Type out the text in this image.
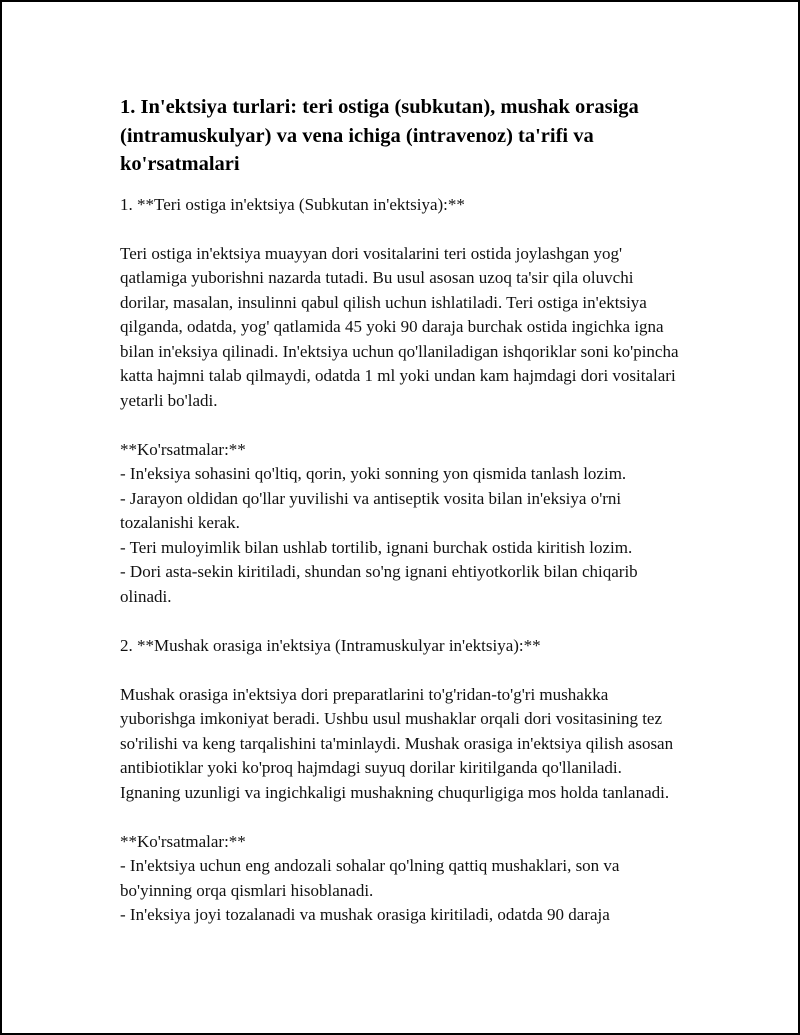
1. In'ektsiya turlari: teri ostiga (subkutan), mushak orasiga (intramuskulyar) va vena ichiga (intravenoz) ta'rifi va ko'rsatmalari

1. **Teri ostiga in'ektsiya (Subkutan in'ektsiya):**

Teri ostiga in'ektsiya muayyan dori vositalarini teri ostida joylashgan yog' qatlamiga yuborishni nazarda tutadi. Bu usul asosan uzoq ta'sir qila oluvchi dorilar, masalan, insulinni qabul qilish uchun ishlatiladi. Teri ostiga in'ektsiya qilganda, odatda, yog' qatlamida 45 yoki 90 daraja burchak ostida ingichka igna bilan in'eksiya qilinadi. In'ektsiya uchun qo'llaniladigan ishqoriklar soni ko'pincha katta hajmni talab qilmaydi, odatda 1 ml yoki undan kam hajmdagi dori vositalari yetarli bo'ladi.

**Ko'rsatmalar:**

- In'eksiya sohasini qo'ltiq, qorin, yoki sonning yon qismida tanlash lozim.

- Jarayon oldidan qo'llar yuvilishi va antiseptik vosita bilan in'eksiya o'rni tozalanishi kerak.

- Teri muloyimlik bilan ushlab tortilib, ignani burchak ostida kiritish lozim.

- Dori asta-sekin kiritiladi, shundan so'ng ignani ehtiyotkorlik bilan chiqarib olinadi.

2. **Mushak orasiga in'ektsiya (Intramuskulyar in'ektsiya):**

Mushak orasiga in'ektsiya dori preparatlarini to'g'ridan-to'g'ri mushakka yuborishga imkoniyat beradi. Ushbu usul mushaklar orqali dori vositasining tez so'rilishi va keng tarqalishini ta'minlaydi. Mushak orasiga in'ektsiya qilish asosan antibiotiklar yoki ko'proq hajmdagi suyuq dorilar kiritilganda qo'llaniladi. Ignaning uzunligi va ingichkaligi mushakning chuqurligiga mos holda tanlanadi.

**Ko'rsatmalar:**

- In'ektsiya uchun eng andozali sohalar qo'lning qattiq mushaklari, son va bo'yinning orqa qismlari hisoblanadi.

- In'eksiya joyi tozalanadi va mushak orasiga kiritiladi, odatda 90 daraja
